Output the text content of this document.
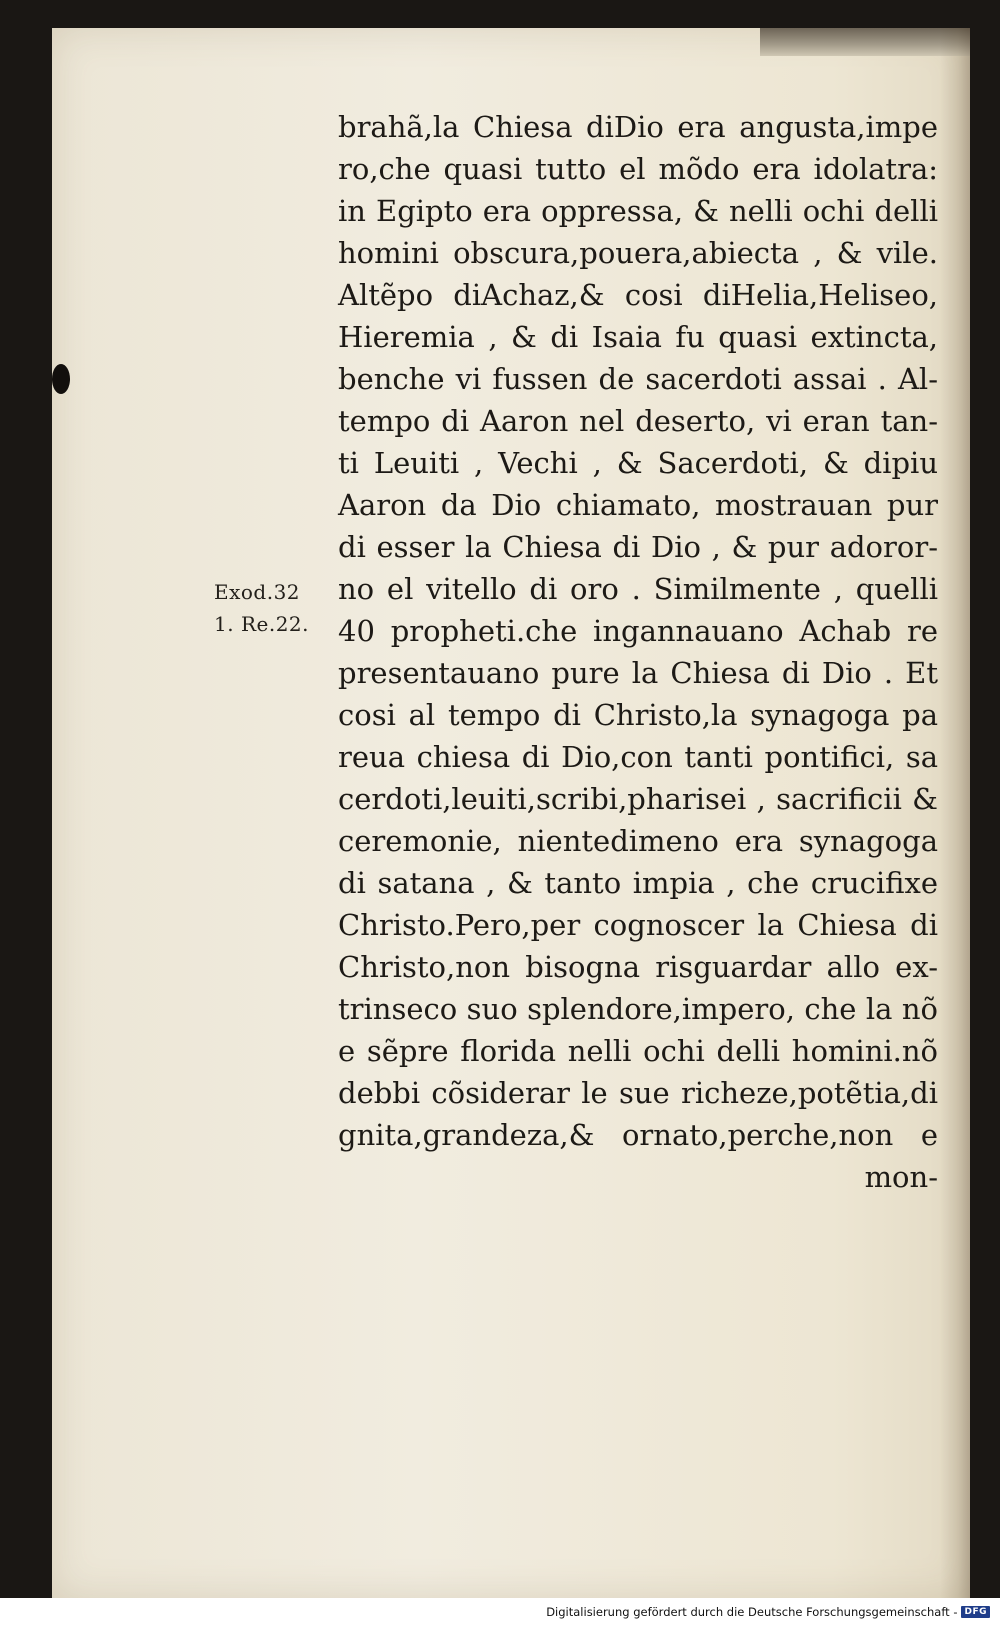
Exod.32
1. Re.22.
brahã,la Chiesa diDio era angusta,impe
ro,che quasi tutto el mõdo era idolatra:
in Egipto era oppressa, & nelli ochi delli
homini obscura,pouera,abiecta , & vile.
Altẽpo diAchaz,& cosi diHelia,Heliseo,
Hieremia , & di Isaia fu quasi extincta,
benche vi fussen de sacerdoti assai . Al-
tempo di Aaron nel deserto, vi eran tan-
ti Leuiti , Vechi , & Sacerdoti, & dipiu
Aaron da Dio chiamato, mostrauan pur
di esser la Chiesa di Dio , & pur adoror-
no el vitello di oro . Similmente , quelli
40 propheti.che ingannauano Achab re
presentauano pure la Chiesa di Dio . Et
cosi al tempo di Christo,la synagoga pa
reua chiesa di Dio,con tanti pontifici, sa
cerdoti,leuiti,scribi,pharisei , sacrificii &
ceremonie, nientedimeno era synagoga
di satana , & tanto impia , che crucifixe
Christo.Pero,per cognoscer la Chiesa di
Christo,non bisogna risguardar allo ex-
trinseco suo splendore,impero, che la nõ
e sẽpre florida nelli ochi delli homini.nõ
debbi cõsiderar le sue richeze,potẽtia,di
gnita,grandeza,& ornato,perche,non e
mon-
Digitalisierung gefördert durch die Deutsche Forschungsgemeinschaft - DFG
